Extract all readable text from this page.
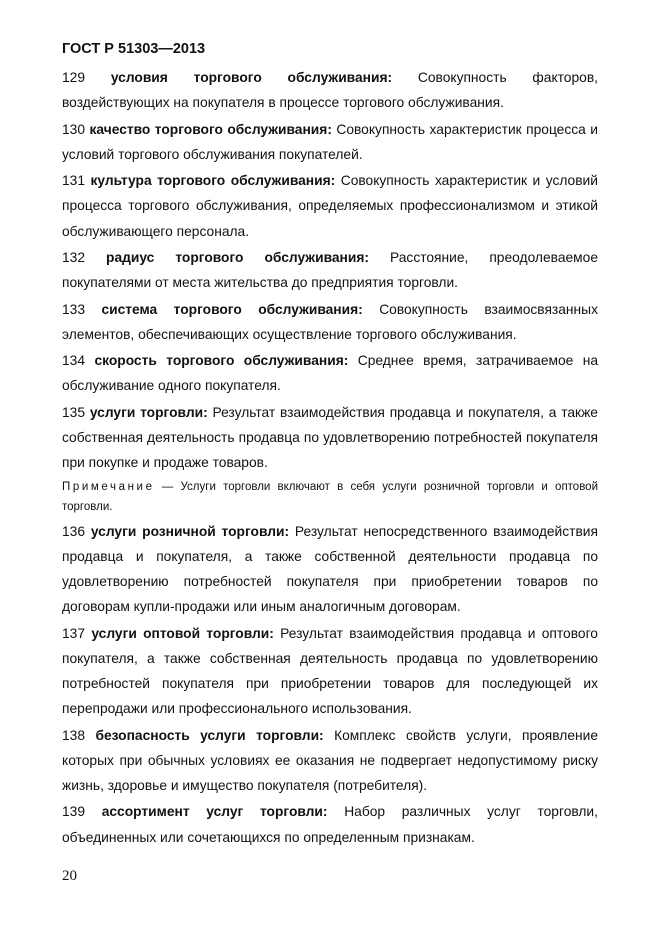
ГОСТ Р 51303—2013
129 условия торгового обслуживания: Совокупность факторов, воздействующих на покупателя в процессе торгового обслуживания.
130 качество торгового обслуживания: Совокупность характеристик процесса и условий торгового обслуживания покупателей.
131 культура торгового обслуживания: Совокупность характеристик и условий процесса торгового обслуживания, определяемых профессионализмом и этикой обслуживающего персонала.
132 радиус торгового обслуживания: Расстояние, преодолеваемое покупателями от места жительства до предприятия торговли.
133 система торгового обслуживания: Совокупность взаимосвязанных элементов, обеспечивающих осуществление торгового обслуживания.
134 скорость торгового обслуживания: Среднее время, затрачиваемое на обслуживание одного покупателя.
135 услуги торговли: Результат взаимодействия продавца и покупателя, а также собственная деятельность продавца по удовлетворению потребностей покупателя при покупке и продаже товаров.
Примечание — Услуги торговли включают в себя услуги розничной торговли и оптовой торговли.
136 услуги розничной торговли: Результат непосредственного взаимодействия продавца и покупателя, а также собственной деятельности продавца по удовлетворению потребностей покупателя при приобретении товаров по договорам купли-продажи или иным аналогичным договорам.
137 услуги оптовой торговли: Результат взаимодействия продавца и оптового покупателя, а также собственная деятельность продавца по удовлетворению потребностей покупателя при приобретении товаров для последующей их перепродажи или профессионального использования.
138 безопасность услуги торговли: Комплекс свойств услуги, проявление которых при обычных условиях ее оказания не подвергает недопустимому риску жизнь, здоровье и имущество покупателя (потребителя).
139 ассортимент услуг торговли: Набор различных услуг торговли, объединенных или сочетающихся по определенным признакам.
20
